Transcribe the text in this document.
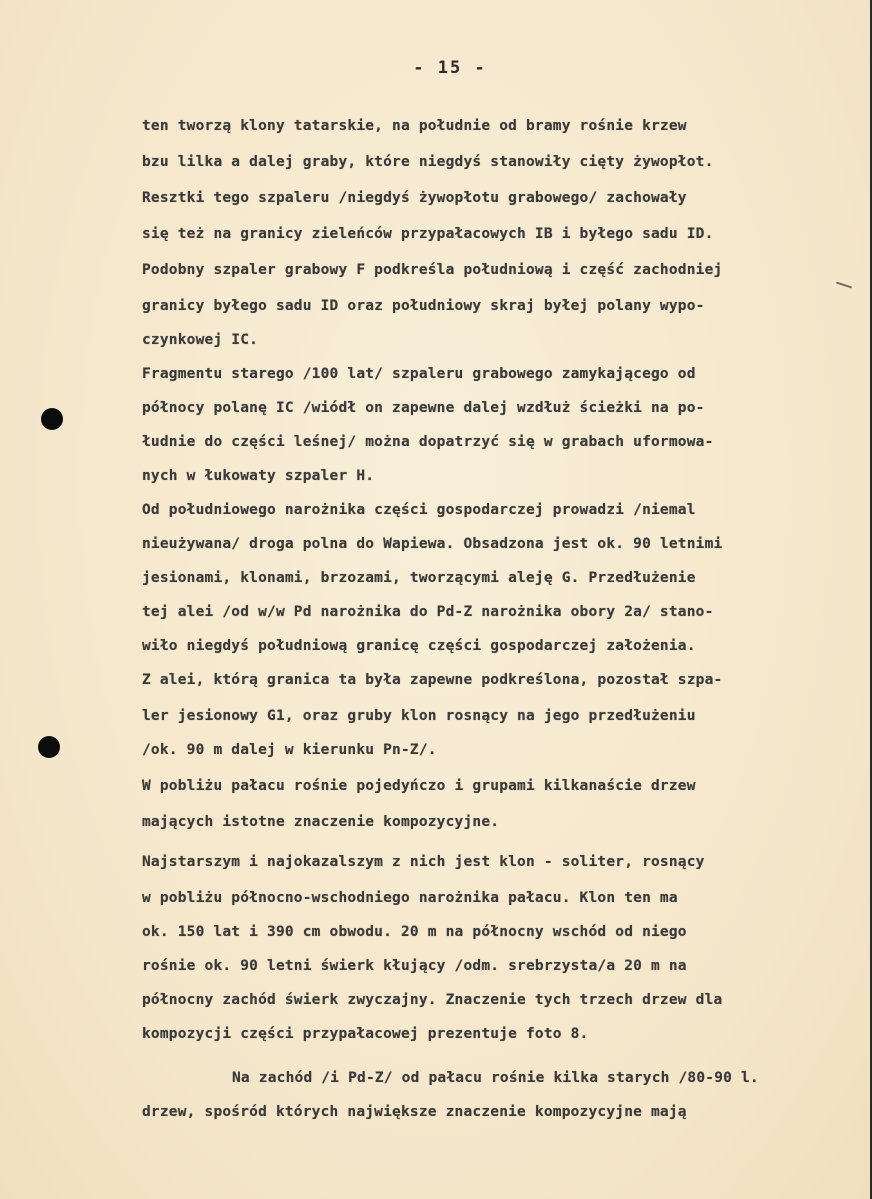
- 15 -
ten tworzą klony tatarskie, na południe od bramy rośnie krzew
bzu lilka a dalej graby, które niegdyś stanowiły cięty żywopłot.
Resztki tego szpaleru /niegdyś żywopłotu grabowego/ zachowały
się też na granicy zieleńców przypałacowych IB i byłego sadu ID.
Podobny szpaler grabowy F podkreśla południową i część zachodniej
granicy byłego sadu ID oraz południowy skraj byłej polany wypo-
czynkowej IC.
Fragmentu starego /100 lat/ szpaleru grabowego zamykającego od
północy polanę IC /wiódł on zapewne dalej wzdłuż ścieżki na po-
łudnie do części leśnej/ można dopatrzyć się w grabach uformowa-
nych w łukowaty szpaler H.
Od południowego narożnika części gospodarczej prowadzi /niemal
nieużywana/ droga polna do Wapiewa. Obsadzona jest ok. 90 letnimi
jesionami, klonami, brzozami, tworzącymi aleję G. Przedłużenie
tej alei /od w/w Pd narożnika do Pd-Z narożnika obory 2a/ stano-
wiło niegdyś południową granicę części gospodarczej założenia.
Z alei, którą granica ta była zapewne podkreślona, pozostał szpa-
ler jesionowy G1, oraz gruby klon rosnący na jego przedłużeniu
/ok. 90 m dalej w kierunku Pn-Z/.
W pobliżu pałacu rośnie pojedyńczo i grupami kilkanaście drzew
mających istotne znaczenie kompozycyjne.
Najstarszym i najokazalszym z nich jest klon - soliter, rosnący
w pobliżu północno-wschodniego narożnika pałacu. Klon ten ma
ok. 150 lat i 390 cm obwodu. 20 m na północny wschód od niego
rośnie ok. 90 letni świerk kłujący /odm. srebrzysta/a 20 m na
północny zachód świerk zwyczajny. Znaczenie tych trzech drzew dla
kompozycji części przypałacowej prezentuje foto 8.
Na zachód /i Pd-Z/ od pałacu rośnie kilka starych /80-90 l.
drzew, spośród których największe znaczenie kompozycyjne mają
